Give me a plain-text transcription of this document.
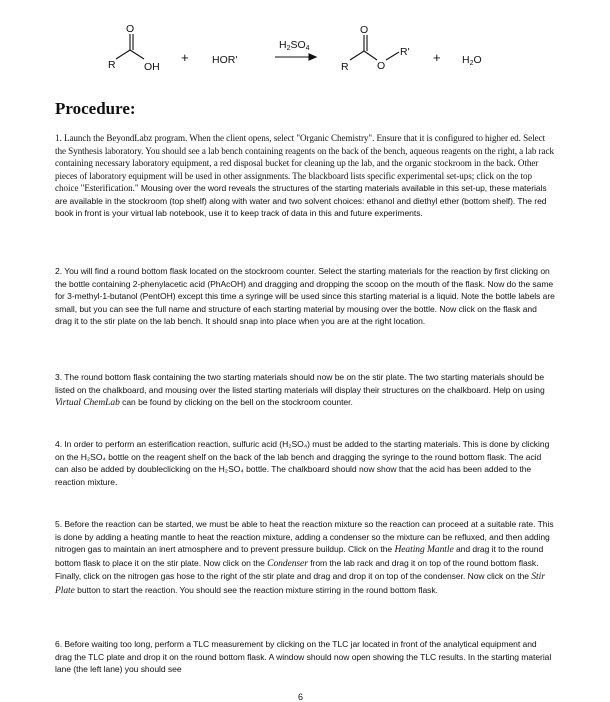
O
R	OH
+ HOR'
H2SO4
O
R	O
R' + H2O
Procedure:

1. Launch the BeyondLabz program. When the client opens, select "Organic Chemistry". Ensure that it is configured to higher ed. Select the Synthesis laboratory. You should see a lab bench containing reagents on the back of the bench, aqueous reagents on the right, a lab rack containing necessary laboratory equipment, a red disposal bucket for cleaning up the lab, and the organic stockroom in the back. Other pieces of laboratory equipment will be used in other assignments. The blackboard lists specific experimental set-ups; click on the top choice "Esterification." Mousing over the word reveals the structures of the starting materials available in this set-up, these materials are available in the stockroom (top shelf) along with water and two solvent choices: ethanol and diethyl ether (bottom shelf). The red book in front is your virtual lab notebook, use it to keep track of data in this and future experiments.

2. You will find a round bottom flask located on the stockroom counter. Select the starting materials for the reaction by first clicking on the bottle containing 2-phenylacetic acid (PhAcOH) and dragging and dropping the scoop on the mouth of the flask. Now do the same for 3-methyl-1-butanol (PentOH) except this time a syringe will be used since this starting material is a liquid. Note the bottle labels are small, but you can see the full name and structure of each starting material by mousing over the bottle. Now click on the flask and drag it to the stir plate on the lab bench. It should snap into place when you are at the right location.

3. The round bottom flask containing the two starting materials should now be on the stir plate. The two starting materials should be listed on the chalkboard, and mousing over the listed starting materials will display their structures on the chalkboard. Help on using Virtual ChemLab can be found by clicking on the bell on the stockroom counter.

4. In order to perform an esterification reaction, sulfuric acid (H₂SO₄) must be added to the starting materials. This is done by clicking on the H₂SO₄ bottle on the reagent shelf on the back of the lab bench and dragging the syringe to the round bottom flask. The acid can also be added by doubleclicking on the H₂SO₄ bottle. The chalkboard should now show that the acid has been added to the reaction mixture.

5. Before the reaction can be started, we must be able to heat the reaction mixture so the reaction can proceed at a suitable rate. This is done by adding a heating mantle to heat the reaction mixture, adding a condenser so the mixture can be refluxed, and then adding nitrogen gas to maintain an inert atmosphere and to prevent pressure buildup. Click on the Heating Mantle and drag it to the round bottom flask to place it on the stir plate. Now click on the Condenser from the lab rack and drag it on top of the round bottom flask. Finally, click on the nitrogen gas hose to the right of the stir plate and drag and drop it on top of the condenser. Now click on the Stir Plate button to start the reaction. You should see the reaction mixture stirring in the round bottom flask.

6. Before waiting too long, perform a TLC measurement by clicking on the TLC jar located in front of the analytical equipment and drag the TLC plate and drop it on the round bottom flask. A window should now open showing the TLC results. In the starting material lane (the left lane) you should see

6
